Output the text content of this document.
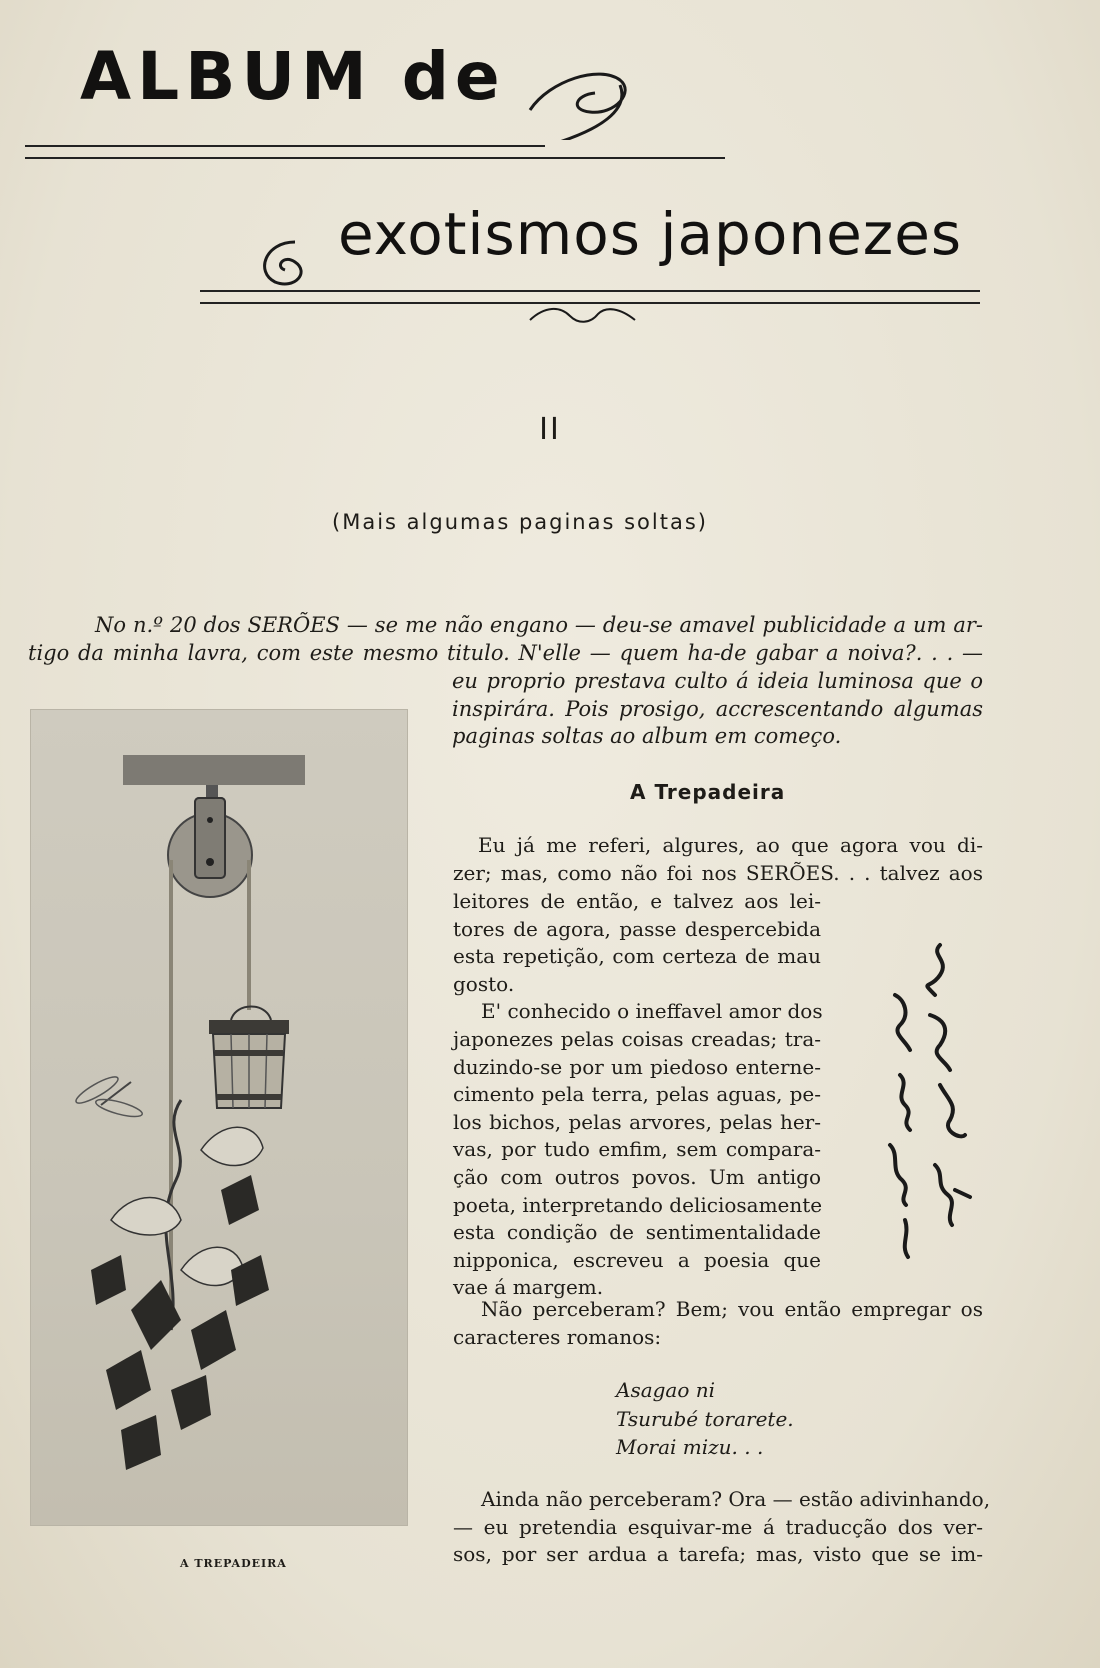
ALBUM de
exotismos japonezes
II
(Mais algumas paginas soltas)

No n.º 20 dos SERÕES — se me não engano — deu-se amavel publicidade a um ar-

tigo da minha lavra, com este mesmo titulo. N'elle — quem ha-de gabar a noiva?. . . —

eu proprio prestava culto á ideia luminosa que o

inspirára. Pois prosigo, accrescentando algumas

paginas soltas ao album em começo.

A Trepadeira

Eu já me referi, algures, ao que agora vou di-

zer; mas, como não foi nos SERÕES. . . talvez aos

leitores de então, e talvez aos lei-

tores de agora, passe despercebida

esta repetição, com certeza de mau

gosto.

E' conhecido o ineffavel amor dos

japonezes pelas coisas creadas; tra-

duzindo-se por um piedoso enterne-

cimento pela terra, pelas aguas, pe-

los bichos, pelas arvores, pelas her-

vas, por tudo emfim, sem compara-

ção com outros povos. Um antigo

poeta, interpretando deliciosamente

esta condição de sentimentalidade

nipponica, escreveu a poesia que

vae á margem.

Não perceberam? Bem; vou então empregar os

caracteres romanos:

Asagao ni
Tsurubé torarete.
Morai mizu. . .

Ainda não perceberam? Ora — estão adivinhando,

— eu pretendia esquivar-me á traducção dos ver-

sos, por ser ardua a tarefa; mas, visto que se im-

A TREPADEIRA
